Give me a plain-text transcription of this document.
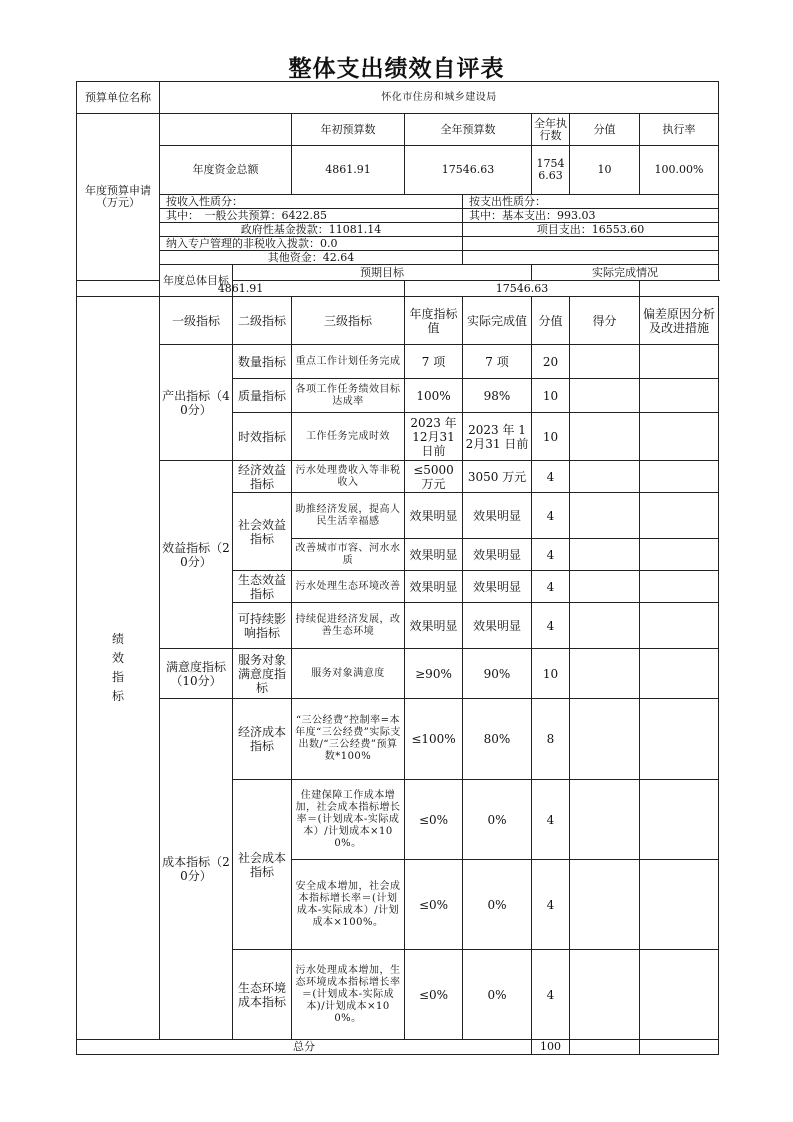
整体支出绩效自评表
预算单位名称	怀化市住房和城乡建设局								
年度预算申请（万元）			年初预算数	全年预算数		全年执行数	分值	执行率	
	年度资金总额		4861.91	17546.63		17546.63	10	100.00%	
	按收入性质分：				按支出性质分：				
	其中：　一般公共预算：6422.85				其中：基本支出：993.03				
	政府性基金拨款：11081.14				项目支出：16553.60				
	纳入专户管理的非税收入拨款：0.0								
	其他资金：42.64								
	年度总体目标	预期目标				实际完成情况			
4861.91				17546.63					

绩
效
指
标	一级指标	二级指标	三级指标	年度指标值	实际完成值	分值	得分	偏差原因分析及改进措施	
	产出指标（40分）	数量指标	重点工作计划任务完成	7 项	7 项	20			
		质量指标	各项工作任务绩效目标达成率	100%	98%	10			
		时效指标	工作任务完成时效	2023 年 12月31 日前	2023 年 12月31 日前	10			
	效益指标（20分）	经济效益指标	污水处理费收入等非税收入	≤5000 万元	3050 万元	4			
		社会效益指标	助推经济发展，提高人民生活幸福感	效果明显	效果明显	4			
			改善城市市容、河水水质	效果明显	效果明显	4			
		生态效益指标	污水处理生态环境改善	效果明显	效果明显	4			
		可持续影响指标	持续促进经济发展，改善生态环境	效果明显	效果明显	4			
	满意度指标（10分）	服务对象满意度指标	服务对象满意度	≥90%	90%	10			
	成本指标（20分）	经济成本指标	“三公经费”控制率=本年度“三公经费”实际支出数/“三公经费”预算数*100%	≤100%	80%	8			
		社会成本指标	住建保障工作成本增加，社会成本指标增长率＝(计划成本-实际成本）/计划成本×100%。	≤0%	0%	4			
			安全成本增加，社会成本指标增长率＝(计划成本-实际成本）/计划成本×100%。	≤0%	0%	4			
		生态环境成本指标	污水处理成本增加，生态环境成本指标增长率＝(计划成本-实际成本)/计划成本×100%。	≤0%	0%	4			
总分						100			
